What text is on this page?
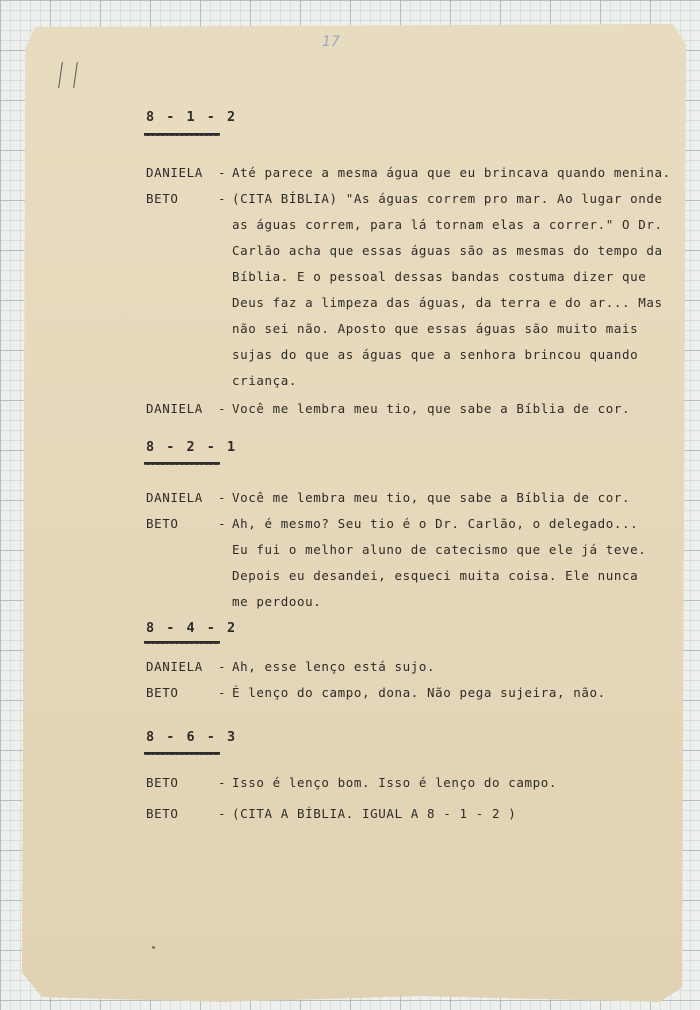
17
8 - 1 - 2
DANIELA - Até parece a mesma água que eu brincava quando menina.
BETO	- (CITA BÍBLIA) "As águas correm pro mar. Ao lugar onde
as águas correm, para lá tornam elas a correr." O Dr.
Carlão acha que essas águas são as mesmas do tempo da
Bíblia. E o pessoal dessas bandas costuma dizer que
Deus faz a limpeza das águas, da terra e do ar... Mas
não sei não. Aposto que essas águas são muito mais
sujas do que as águas que a senhora brincou quando
criança.
DANIELA - Você me lembra meu tio, que sabe a Bíblia de cor.
8 - 2 - 1
DANIELA - Você me lembra meu tio, que sabe a Bíblia de cor.
BETO	- Ah, é mesmo? Seu tio é o Dr. Carlão, o delegado...
Eu fui o melhor aluno de catecismo que ele já teve.
Depois eu desandei, esqueci muita coisa. Ele nunca
me perdoou.
8 - 4 - 2
DANIELA - Ah, esse lenço está sujo.
BETO	- É lenço do campo, dona. Não pega sujeira, não.
8 - 6 - 3
BETO	- Isso é lenço bom. Isso é lenço do campo.
BETO	- (CITA A BÍBLIA. IGUAL A 8 - 1 - 2 )
